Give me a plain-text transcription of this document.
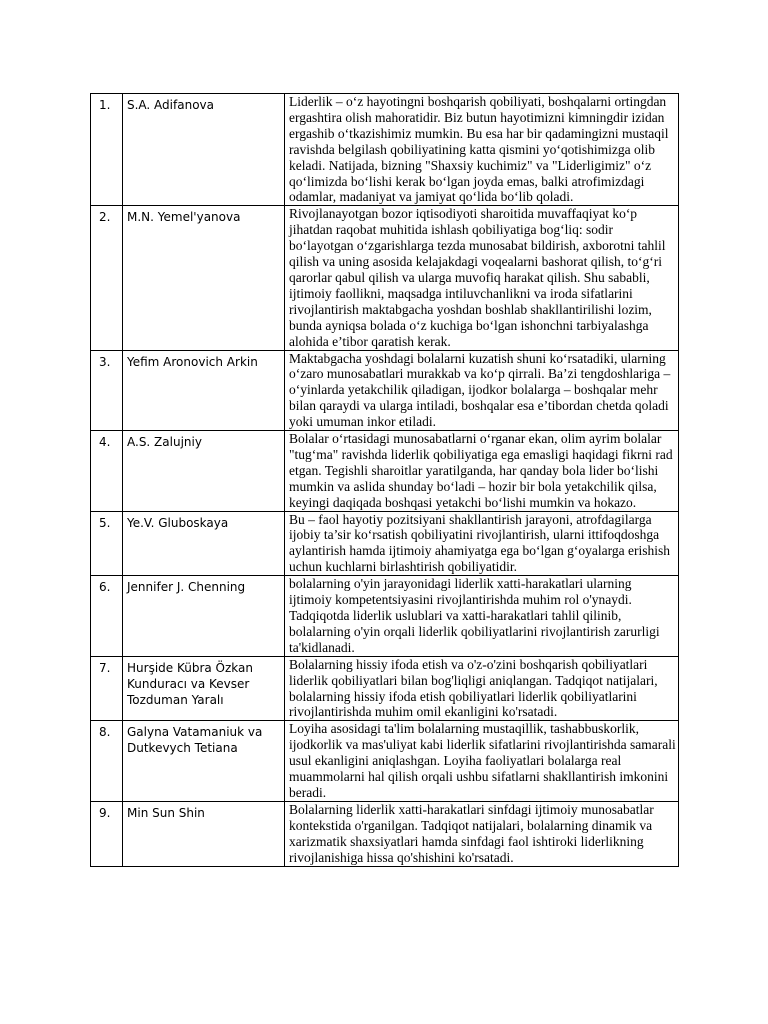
1.	S.A. Adifanova	Liderlik – o‘z hayotingni boshqarish qobiliyati, boshqalarni ortingdan ergashtira olish mahoratidir. Biz butun hayotimizni kimningdir izidan ergashib o‘tkazishimiz mumkin. Bu esa har bir qadamingizni mustaqil ravishda belgilash qobiliyatining katta qismini yo‘qotishimizga olib keladi. Natijada, bizning "Shaxsiy kuchimiz" va "Liderligimiz" o‘z qo‘limizda bo‘lishi kerak bo‘lgan joyda emas, balki atrofimizdagi odamlar, madaniyat va jamiyat qo‘lida bo‘lib qoladi.
2.	M.N. Yemel'yanova	Rivojlanayotgan bozor iqtisodiyoti sharoitida muvaffaqiyat ko‘p jihatdan raqobat muhitida ishlash qobiliyatiga bog‘liq: sodir bo‘layotgan o‘zgarishlarga tezda munosabat bildirish, axborotni tahlil qilish va uning asosida kelajakdagi voqealarni bashorat qilish, to‘g‘ri qarorlar qabul qilish va ularga muvofiq harakat qilish. Shu sababli, ijtimoiy faollikni, maqsadga intiluvchanlikni va iroda sifatlarini rivojlantirish maktabgacha yoshdan boshlab shakllantirilishi lozim, bunda ayniqsa bolada o‘z kuchiga bo‘lgan ishonchni tarbiyalashga alohida e’tibor qaratish kerak.
3.	Yefim Aronovich Arkin	Maktabgacha yoshdagi bolalarni kuzatish shuni ko‘rsatadiki, ularning o‘zaro munosabatlari murakkab va ko‘p qirrali. Ba’zi tengdoshlariga – o‘yinlarda yetakchilik qiladigan, ijodkor bolalarga – boshqalar mehr bilan qaraydi va ularga intiladi, boshqalar esa e’tibordan chetda qoladi yoki umuman inkor etiladi.
4.	A.S. Zalujniy	Bolalar o‘rtasidagi munosabatlarni o‘rganar ekan, olim ayrim bolalar "tug‘ma" ravishda liderlik qobiliyatiga ega emasligi haqidagi fikrni rad etgan. Tegishli sharoitlar yaratilganda, har qanday bola lider bo‘lishi mumkin va aslida shunday bo‘ladi – hozir bir bola yetakchilik qilsa, keyingi daqiqada boshqasi yetakchi bo‘lishi mumkin va hokazo.
5.	Ye.V. Gluboskaya	Bu – faol hayotiy pozitsiyani shakllantirish jarayoni, atrofdagilarga ijobiy ta’sir ko‘rsatish qobiliyatini rivojlantirish, ularni ittifoqdoshga aylantirish hamda ijtimoiy ahamiyatga ega bo‘lgan g‘oyalarga erishish uchun kuchlarni birlashtirish qobiliyatidir.
6.	Jennifer J. Chenning	bolalarning o'yin jarayonidagi liderlik xatti-harakatlari ularning ijtimoiy kompetentsiyasini rivojlantirishda muhim rol o'ynaydi. Tadqiqotda liderlik uslublari va xatti-harakatlari tahlil qilinib, bolalarning o'yin orqali liderlik qobiliyatlarini rivojlantirish zarurligi ta'kidlanadi.
7.	Hurşide Kübra Özkan Kunduracı va Kevser Tozduman Yaralı	Bolalarning hissiy ifoda etish va o'z-o'zini boshqarish qobiliyatlari liderlik qobiliyatlari bilan bog'liqligi aniqlangan. Tadqiqot natijalari, bolalarning hissiy ifoda etish qobiliyatlari liderlik qobiliyatlarini rivojlantirishda muhim omil ekanligini ko'rsatadi.
8.	Galyna Vatamaniuk va Dutkevych Tetiana	Loyiha asosidagi ta'lim bolalarning mustaqillik, tashabbuskorlik, ijodkorlik va mas'uliyat kabi liderlik sifatlarini rivojlantirishda samarali usul ekanligini aniqlashgan. Loyiha faoliyatlari bolalarga real muammolarni hal qilish orqali ushbu sifatlarni shakllantirish imkonini beradi.
9.	Min Sun Shin	Bolalarning liderlik xatti-harakatlari sinfdagi ijtimoiy munosabatlar kontekstida o'rganilgan. Tadqiqot natijalari, bolalarning dinamik va xarizmatik shaxsiyatlari hamda sinfdagi faol ishtiroki liderlikning rivojlanishiga hissa qo'shishini ko'rsatadi.
